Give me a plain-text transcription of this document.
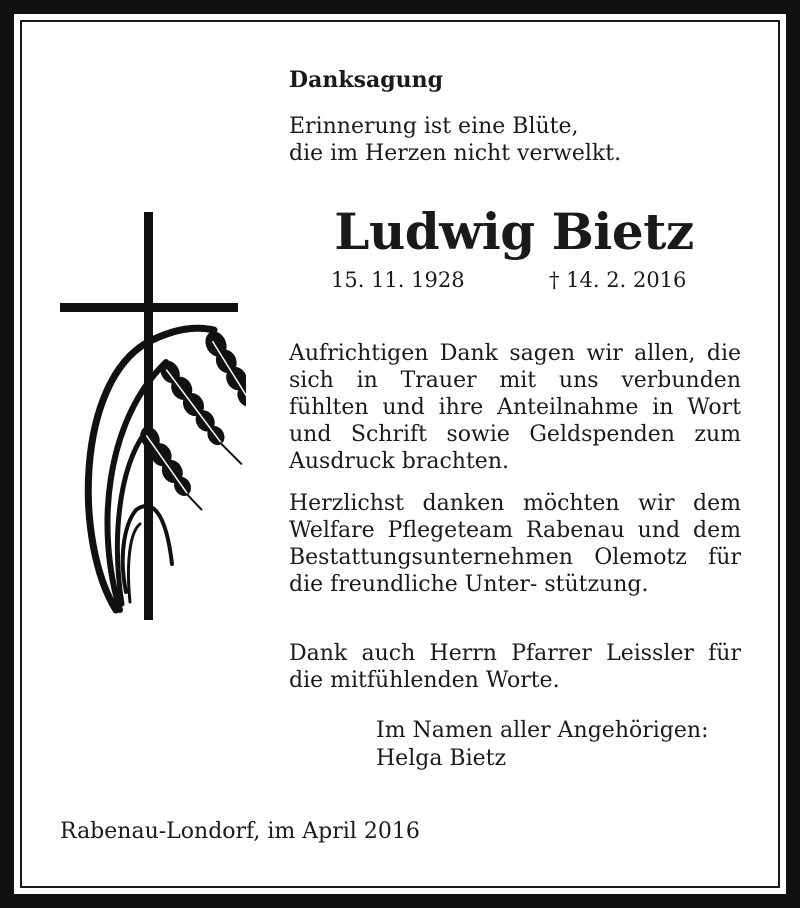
Danksagung
Erinnerung ist eine Blüte,
die im Herzen nicht verwelkt.
Ludwig Bietz
15. 11. 1928	† 14. 2. 2016
Aufrichtigen Dank sagen wir allen, die sich in Trauer mit uns verbunden fühlten und ihre Anteilnahme in Wort und Schrift sowie Geldspenden zum Ausdruck brachten.
Herzlichst danken möchten wir dem Welfare Pflegeteam Rabenau und dem Bestattungsunternehmen Olemotz für die freundliche Unter- stützung.
Dank auch Herrn Pfarrer Leissler für die mitfühlenden Worte.
Im Namen aller Angehörigen:
Helga Bietz
Rabenau-Londorf, im April 2016
